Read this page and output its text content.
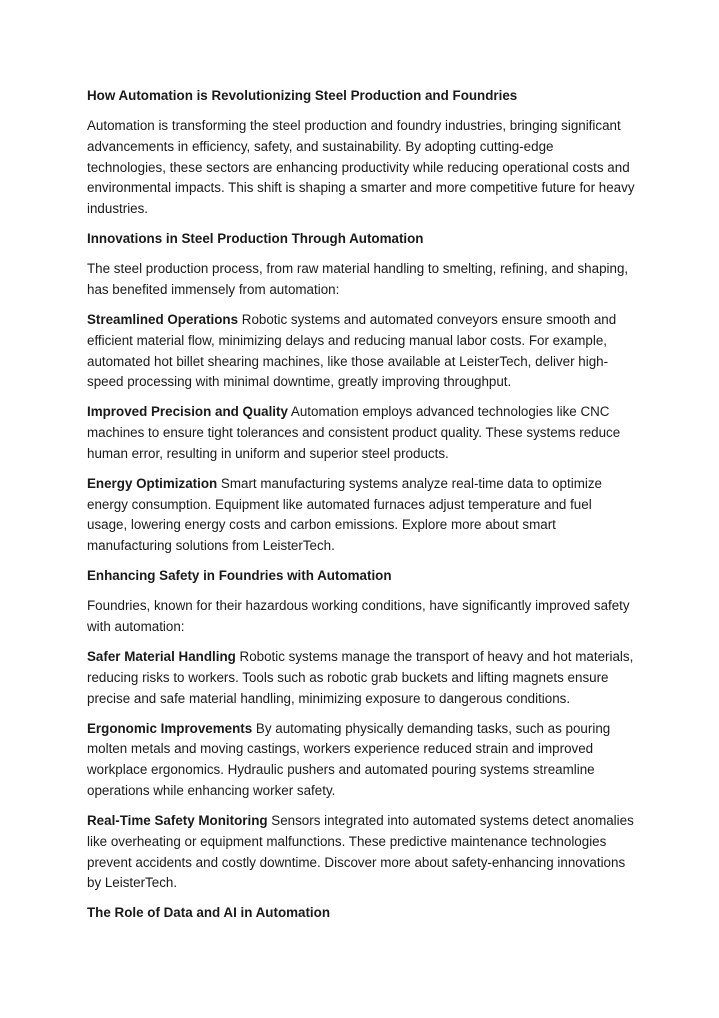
How Automation is Revolutionizing Steel Production and Foundries

Automation is transforming the steel production and foundry industries, bringing significant advancements in efficiency, safety, and sustainability. By adopting cutting-edge technologies, these sectors are enhancing productivity while reducing operational costs and environmental impacts. This shift is shaping a smarter and more competitive future for heavy industries.

Innovations in Steel Production Through Automation

The steel production process, from raw material handling to smelting, refining, and shaping, has benefited immensely from automation:

Streamlined Operations Robotic systems and automated conveyors ensure smooth and efficient material flow, minimizing delays and reducing manual labor costs. For example, automated hot billet shearing machines, like those available at LeisterTech, deliver high-speed processing with minimal downtime, greatly improving throughput.

Improved Precision and Quality Automation employs advanced technologies like CNC machines to ensure tight tolerances and consistent product quality. These systems reduce human error, resulting in uniform and superior steel products.

Energy Optimization Smart manufacturing systems analyze real-time data to optimize energy consumption. Equipment like automated furnaces adjust temperature and fuel usage, lowering energy costs and carbon emissions. Explore more about smart manufacturing solutions from LeisterTech.

Enhancing Safety in Foundries with Automation

Foundries, known for their hazardous working conditions, have significantly improved safety with automation:

Safer Material Handling Robotic systems manage the transport of heavy and hot materials, reducing risks to workers. Tools such as robotic grab buckets and lifting magnets ensure precise and safe material handling, minimizing exposure to dangerous conditions.

Ergonomic Improvements By automating physically demanding tasks, such as pouring molten metals and moving castings, workers experience reduced strain and improved workplace ergonomics. Hydraulic pushers and automated pouring systems streamline operations while enhancing worker safety.

Real-Time Safety Monitoring Sensors integrated into automated systems detect anomalies like overheating or equipment malfunctions. These predictive maintenance technologies prevent accidents and costly downtime. Discover more about safety-enhancing innovations by LeisterTech.

The Role of Data and AI in Automation
